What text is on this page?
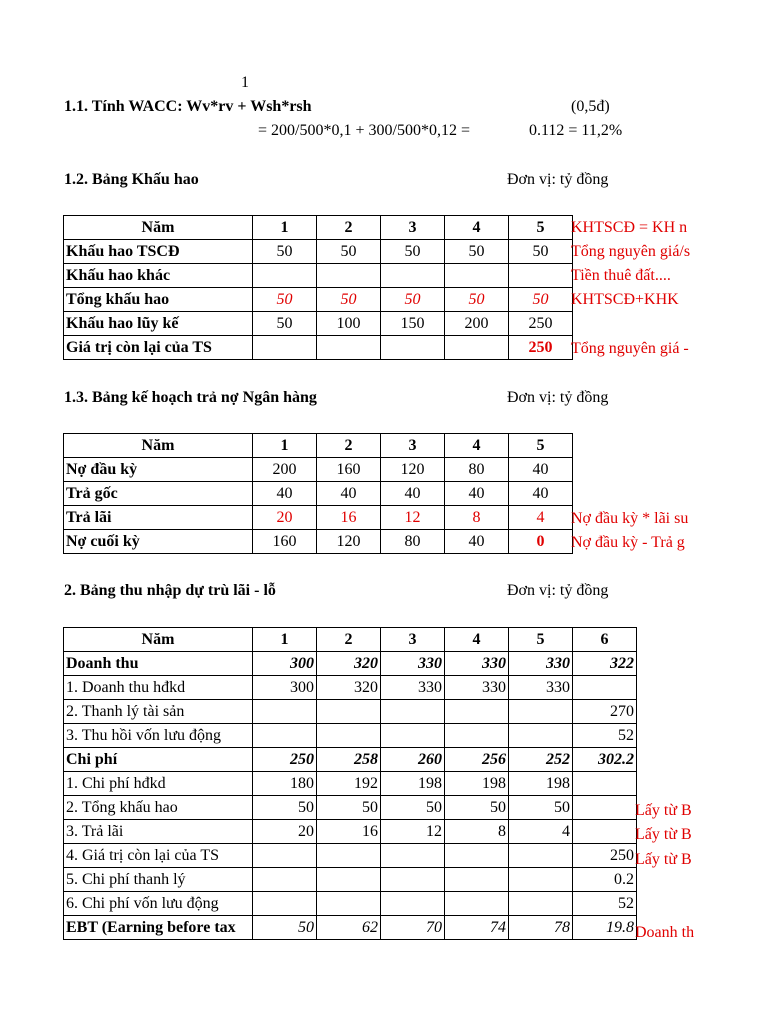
1
1.1. Tính WACC: Wv*rv + Wsh*rsh	(0,5đ)
= 200/500*0,1 + 300/500*0,12 =	0.112 = 11,2%
1.2. Bảng Khấu hao	Đơn vị: tỷ đồng
Năm	1	2	3	4	5
Khấu hao TSCĐ	50	50	50	50	50
Khấu hao khác					
Tổng khấu hao	50	50	50	50	50
Khấu hao lũy kế	50	100	150	200	250
Giá trị còn lại của TS					250
KHTSCĐ = KH n
Tổng nguyên giá/s
Tiền thuê đất....
KHTSCĐ+KHK
Tổng nguyên giá -
1.3. Bảng kế hoạch trả nợ Ngân hàng	Đơn vị: tỷ đồng
Năm	1	2	3	4	5
Nợ đầu kỳ	200	160	120	80	40
Trả gốc	40	40	40	40	40
Trả lãi	20	16	12	8	4
Nợ cuối kỳ	160	120	80	40	0
Nợ đầu kỳ * lãi su
Nợ đầu kỳ - Trả g
2. Bảng thu nhập dự trù lãi - lỗ	Đơn vị: tỷ đồng
Năm	1	2	3	4	5	6
Doanh thu	300	320	330	330	330	322
1. Doanh thu hđkd	300	320	330	330	330	
2. Thanh lý tài sản						270
3. Thu hồi vốn lưu động						52
Chi phí	250	258	260	256	252	302.2
1. Chi phí hđkd	180	192	198	198	198	
2. Tổng khấu hao	50	50	50	50	50	
3. Trả lãi	20	16	12	8	4	
4. Giá trị còn lại của TS						250
5. Chi phí thanh lý						0.2
6. Chi phí vốn lưu động						52
EBT (Earning before tax	50	62	70	74	78	19.8
Lấy từ B
Lấy từ B
Lấy từ B
Doanh th
